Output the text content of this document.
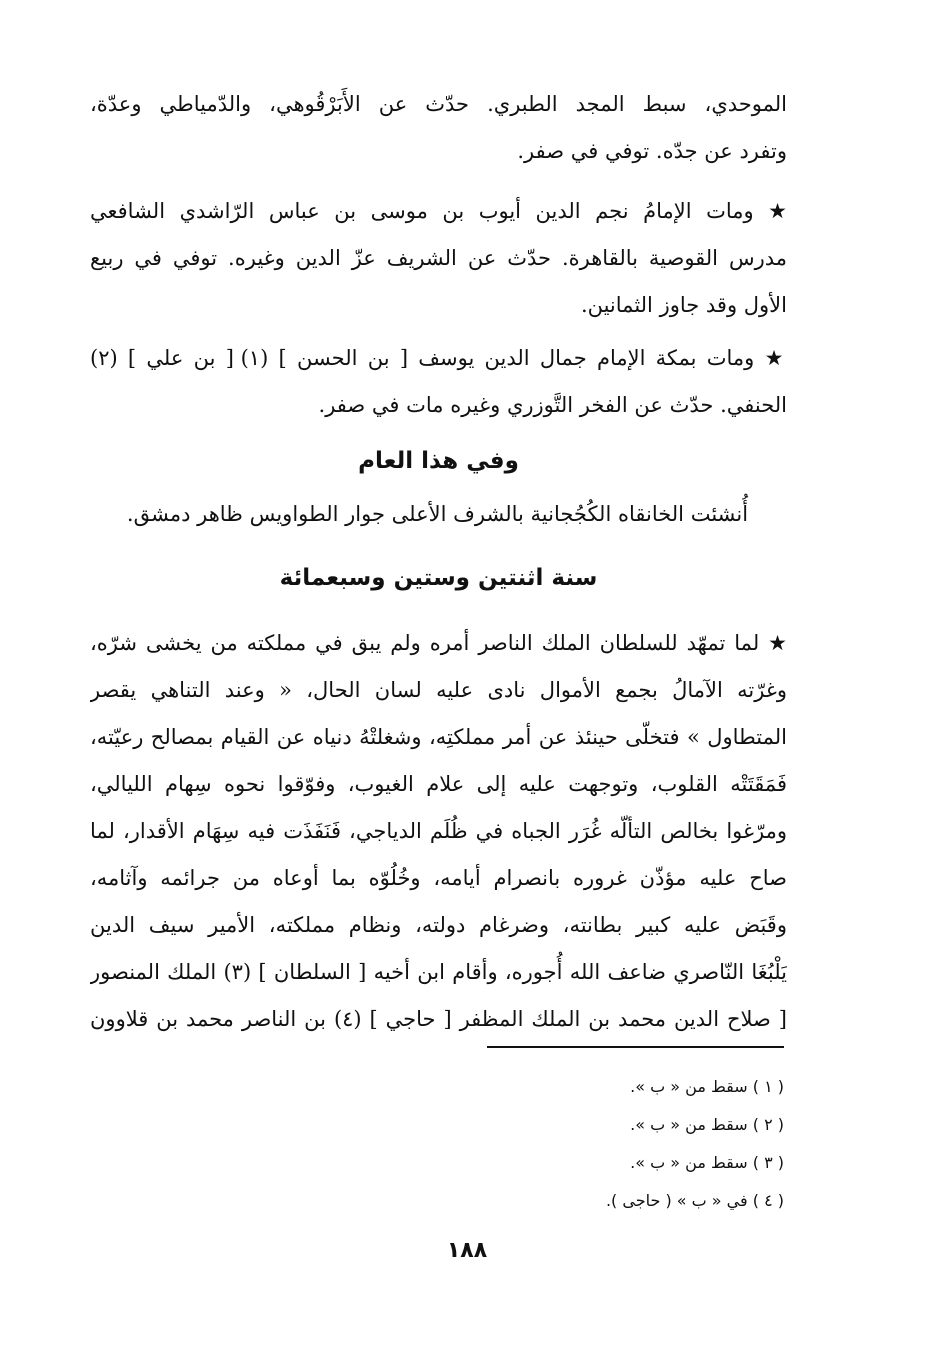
الموحدي، سبط المجد الطبري. حدّث عن الأَبَرْقُوهي، والدّمياطي وعدّة،
وتفرد عن جدّه. توفي في صفر.
★ ومات الإمامُ نجم الدين أيوب بن موسى بن عباس الرّاشدي الشافعي
مدرس القوصية بالقاهرة. حدّث عن الشريف عزّ الدين وغيره. توفي في ربيع
الأول وقد جاوز الثمانين.
★ ومات بمكة الإمام جمال الدين يوسف [ بن الحسن ] (١) [ بن علي ] (٢)
الحنفي. حدّث عن الفخر التَّوزري وغيره مات في صفر.
وفي هذا العام
أُنشئت الخانقاه الكُجُجانية بالشرف الأعلى جوار الطواويس ظاهر دمشق.
سنة اثنتين وستين وسبعمائة
★ لما تمهّد للسلطان الملك الناصر أمره ولم يبق في مملكته من يخشى شرّه،
وغرّته الآمالُ بجمع الأموال نادى عليه لسان الحال، « وعند التناهي يقصر
المتطاول » فتخلّى حينئذ عن أمر مملكتِه، وشغلتْهُ دنياه عن القيام بمصالح رعيّته،
فَمَقَتَتْه القلوب، وتوجهت عليه إلى علام الغيوب، وفوّقوا نحوه سِهام الليالي،
ومرّغوا بخالص التألّه غُرَر الجباه في ظُلَم الدياجي، فَنَفَذَت فيه سِهَام الأقدار، لما
صاح عليه مؤذّن غروره بانصرام أيامه، وخُلُوّه بما أوعاه من جرائمه وآثامه،
وقَبَض عليه كبير بطانته، وضرغام دولته، ونظام مملكته، الأمير سيف الدين
يَلْبُغَا النّاصري ضاعف الله أُجوره، وأقام ابن أخيه [ السلطان ] (٣) الملك المنصور
[ صلاح الدين محمد بن الملك المظفر [ حاجي ] (٤) بن الناصر محمد بن قلاوون
( ١ ) سقط من « ب ».
( ٢ ) سقط من « ب ».
( ٣ ) سقط من « ب ».
( ٤ ) في « ب » ( حاجى ).
١٨٨
